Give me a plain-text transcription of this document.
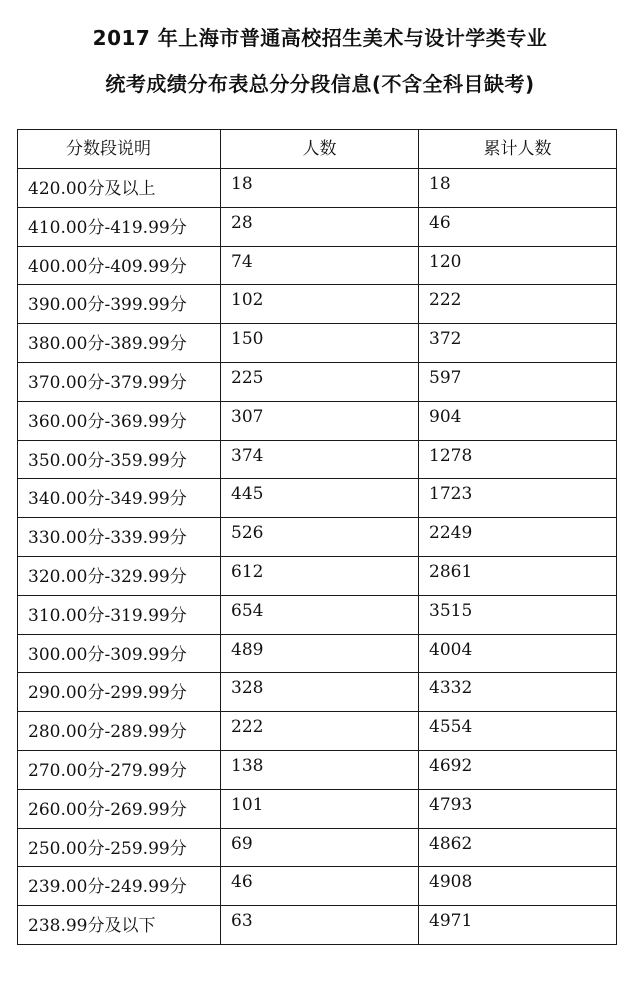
2017 年上海市普通高校招生美术与设计学类专业
统考成绩分布表总分分段信息(不含全科目缺考)
分数段说明	人数	累计人数
420.00分及以上	18	18
410.00分-419.99分	28	46
400.00分-409.99分	74	120
390.00分-399.99分	102	222
380.00分-389.99分	150	372
370.00分-379.99分	225	597
360.00分-369.99分	307	904
350.00分-359.99分	374	1278
340.00分-349.99分	445	1723
330.00分-339.99分	526	2249
320.00分-329.99分	612	2861
310.00分-319.99分	654	3515
300.00分-309.99分	489	4004
290.00分-299.99分	328	4332
280.00分-289.99分	222	4554
270.00分-279.99分	138	4692
260.00分-269.99分	101	4793
250.00分-259.99分	69	4862
239.00分-249.99分	46	4908
238.99分及以下	63	4971
